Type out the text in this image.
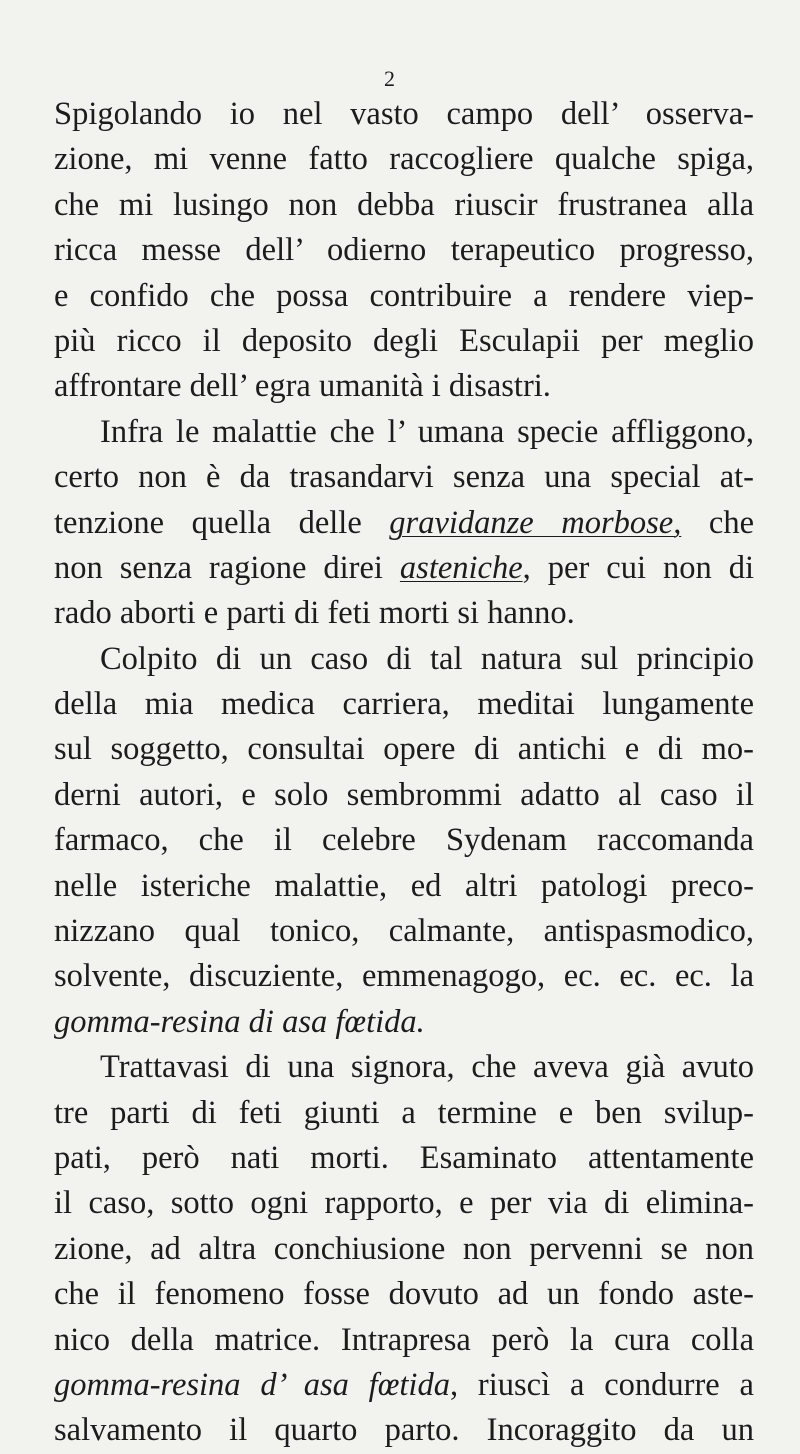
2
Spigolando io nel vasto campo dell’ osserva-
zione, mi venne fatto raccogliere qualche spiga,
che mi lusingo non debba riuscir frustranea alla
ricca messe dell’ odierno terapeutico progresso,
e confido che possa contribuire a rendere viep-
più ricco il deposito degli Esculapii per meglio
affrontare dell’ egra umanità i disastri.
Infra le malattie che l’ umana specie affliggono,
certo non è da trasandarvi senza una special at-
tenzione quella delle gravidanze morbose, che
non senza ragione direi asteniche, per cui non di
rado aborti e parti di feti morti si hanno.
Colpito di un caso di tal natura sul principio
della mia medica carriera, meditai lungamente
sul soggetto, consultai opere di antichi e di mo-
derni autori, e solo sembrommi adatto al caso il
farmaco, che il celebre Sydenam raccomanda
nelle isteriche malattie, ed altri patologi preco-
nizzano qual tonico, calmante, antispasmodico,
solvente, discuziente, emmenagogo, ec. ec. ec. la
gomma-resina di asa fœtida.
Trattavasi di una signora, che aveva già avuto
tre parti di feti giunti a termine e ben svilup-
pati, però nati morti. Esaminato attentamente
il caso, sotto ogni rapporto, e per via di elimina-
zione, ad altra conchiusione non pervenni se non
che il fenomeno fosse dovuto ad un fondo aste-
nico della matrice. Intrapresa però la cura colla
gomma-resina d’ asa fœtida, riuscì a condurre a
salvamento il quarto parto. Incoraggito da un
